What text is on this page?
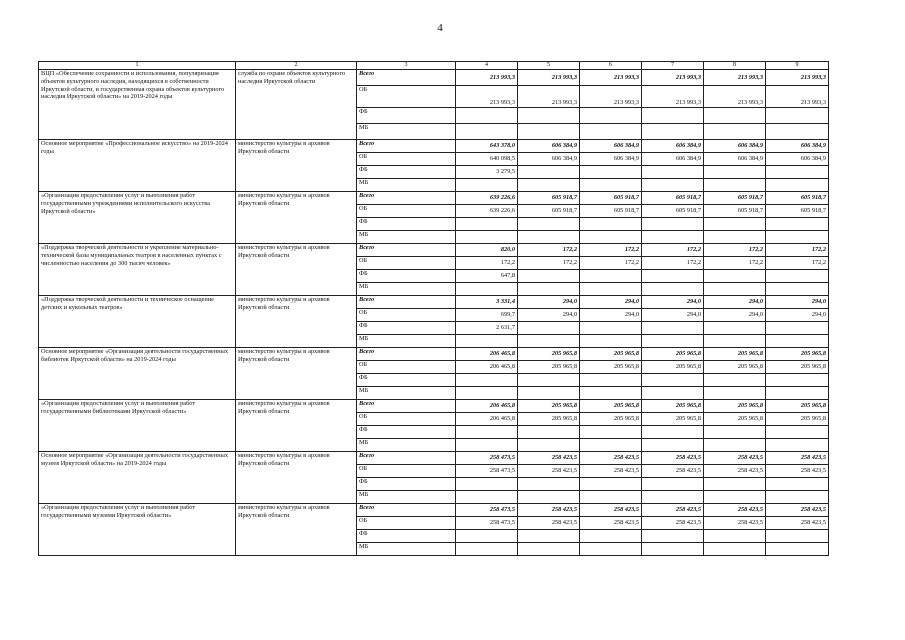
4
1	2	3	4	5	6	7	8	9
ВЦП «Обеспечение сохранности и использования, популяризация объектов культурного наследия, находящихся в собственности Иркутской области, и государственная охрана объектов культурного наследия Иркутской области» на 2019-2024 годы	служба по охране объектов культурного наследия Иркутской области	Всего	213 993,3	213 993,3	213 993,3	213 993,3	213 993,3	213 993,3
		ОБ	213 993,3	213 993,3	213 993,3	213 993,3	213 993,3	213 993,3
		ФБ						
		МБ						
Основное мероприятие «Профессиональное искусство» на 2019-2024 годы	министерство культуры и архивов Иркутской области	Всего	643 378,0	606 384,9	606 384,9	606 384,9	606 384,9	606 384,9
		ОБ	640 098,5	606 384,9	606 384,9	606 384,9	606 384,9	606 384,9
		ФБ	3 279,5					
		МБ						
«Организация предоставления услуг и выполнения работ государственными учреждениями исполнительского искусства Иркутской области»	министерство культуры и архивов Иркутской области	Всего	639 226,6	605 918,7	605 918,7	605 918,7	605 918,7	605 918,7
		ОБ	639 226,6	605 918,7	605 918,7	605 918,7	605 918,7	605 918,7
		ФБ						
		МБ						
«Поддержка творческой деятельности и укрепление материально-технической базы муниципальных театров в населенных пунктах с численностью населения до 300 тысяч человек»	министерство культуры и архивов Иркутской области	Всего	820,0	172,2	172,2	172,2	172,2	172,2
		ОБ	172,2	172,2	172,2	172,2	172,2	172,2
		ФБ	647,8					
		МБ						
«Поддержка творческой деятельности и техническое оснащение детских и кукольных театров»	министерство культуры и архивов Иркутской области	Всего	3 331,4	294,0	294,0	294,0	294,0	294,0
		ОБ	699,7	294,0	294,0	294,0	294,0	294,0
		ФБ	2 631,7					
		МБ						
Основное мероприятие «Организация деятельности государственных библиотек Иркутской области» на 2019-2024 годы	министерство культуры и архивов Иркутской области	Всего	206 465,8	205 965,8	205 965,8	205 965,8	205 965,8	205 965,8
		ОБ	206 465,8	205 965,8	205 965,8	205 965,8	205 965,8	205 965,8
		ФБ						
		МБ						
«Организация предоставления услуг и выполнения работ государственными библиотеками Иркутской области»	министерство культуры и архивов Иркутской области	Всего	206 465,8	205 965,8	205 965,8	205 965,8	205 965,8	205 965,8
		ОБ	206 465,8	205 965,8	205 965,8	205 965,8	205 965,8	205 965,8
		ФБ						
		МБ						
Основное мероприятие «Организация деятельности государственных музеев Иркутской области» на 2019-2024 годы	министерство культуры и архивов Иркутской области	Всего	258 473,5	258 423,5	258 423,5	258 423,5	258 423,5	258 423,5
		ОБ	258 473,5	258 423,5	258 423,5	258 423,5	258 423,5	258 423,5
		ФБ						
		МБ						
«Организация предоставления услуг и выполнения работ государственными музеями Иркутской области»	министерство культуры и архивов Иркутской области	Всего	258 473,5	258 423,5	258 423,5	258 423,5	258 423,5	258 423,5
		ОБ	258 473,5	258 423,5	258 423,5	258 423,5	258 423,5	258 423,5
		ФБ						
		МБ						
